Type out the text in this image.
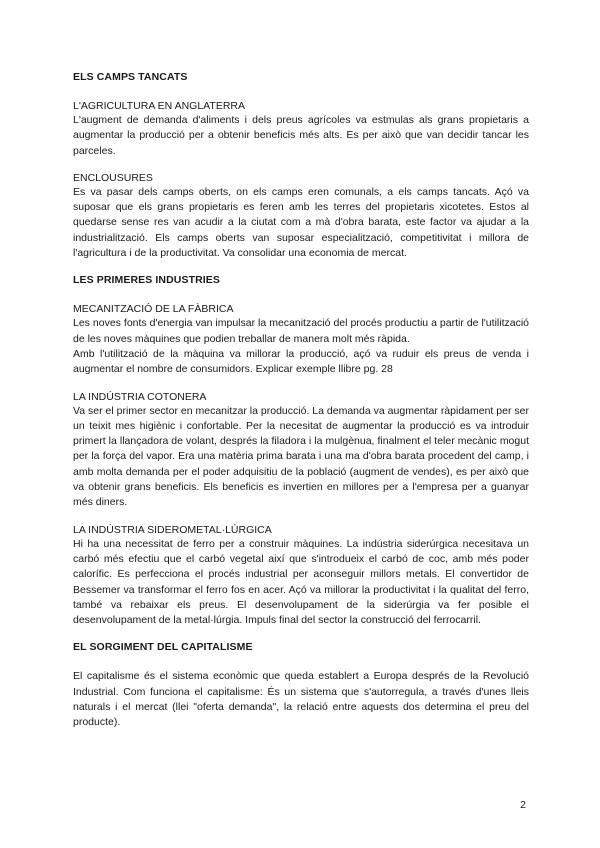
ELS CAMPS TANCATS
L'AGRICULTURA EN ANGLATERRA

L'augment de demanda d'aliments i dels preus agrícoles va estmulas als grans propietaris a augmentar la producció per a obtenir beneficis més alts. Es per això que van decidir tancar les parceles.

ENCLOUSURES

Es va pasar dels camps oberts, on els camps eren comunals, a els camps tancats. Açó va suposar que els grans propietaris es feren amb les terres del propietaris xicotetes. Estos al quedarse sense res van acudir a la ciutat com a mà d'obra barata, este factor va ajudar a la industrialització. Els camps oberts van suposar especialització, competitivitat i millora de l'agricultura i de la productivitat. Va consolidar una economia de mercat.

LES PRIMERES INDUSTRIES
MECANITZACIÓ DE LA FÀBRICA

Les noves fonts d'energia van impulsar la mecanització del procés productiu a partir de l'utilització de les noves màquines que podien treballar de manera molt més ràpida.

Amb l'utilització de la màquina va millorar la producció, açó va ruduir els preus de venda i augmentar el nombre de consumidors. Explicar exemple llibre pg. 28

LA INDÚSTRIA COTONERA

Va ser el primer sector en mecanitzar la producció. La demanda va augmentar ràpidament per ser un teixit mes higiènic i confortable. Per la necesitat de augmentar la producció es va introduir primert la llançadora de volant, després la filadora i la mulgènua, finalment el teler mecànic mogut per la força del vapor. Era una matèria prima barata i una ma d'obra barata procedent del camp, i amb molta demanda per el poder adquisitiu de la població (augment de vendes), es per això que va obtenir grans beneficis. Els beneficis es invertien en millores per a l'empresa per a guanyar més diners.

LA INDÚSTRIA SIDEROMETAL·LÚRGICA

Hi ha una necessitat de ferro per a construir màquines. La indústria siderúrgica necesitava un carbó més efectiu que el carbó vegetal així que s'introdueix el carbó de coc, amb més poder calorífic. Es perfecciona el procés industrial per aconseguir millors metals. El convertidor de Bessemer va transformar el ferro fos en acer. Açó va millorar la productivitat i la qualitat del ferro, també va rebaixar els preus. El desenvolupament de la siderúrgia va fer posible el desenvolupament de la metal·lúrgia. Impuls final del sector la construcció del ferrocarril.

EL SORGIMENT DEL CAPITALISME

El capitalisme és el sistema econòmic que queda establert a Europa després de la Revolució Industrial. Com funciona el capitalisme: És un sistema que s'autorregula, a través d'unes lleis naturals i el mercat (llei "oferta demanda", la relació entre aquests dos determina el preu del producte).

2
